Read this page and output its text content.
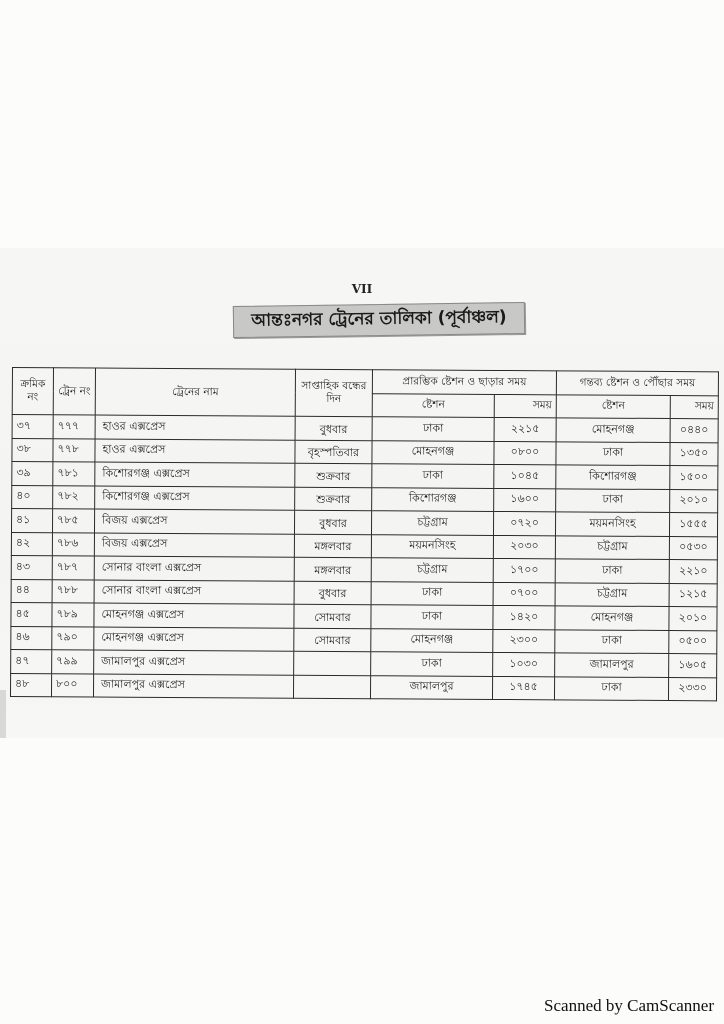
VII
আন্তঃনগর ট্রেনের তালিকা (পূর্বাঞ্চল)
ক্রমিক নং	ট্রেন নং	ট্রেনের নাম	সাপ্তাহিক বন্ধের দিন	প্রারম্ভিক ষ্টেশন ও ছাড়ার সময়		গন্তব্য ষ্টেশন ও পৌঁছার সময়	
				ষ্টেশন	সময়	ষ্টেশন	সময়
৩৭	৭৭৭	হাওর এক্সপ্রেস	বুধবার	ঢাকা	২২১৫	মোহনগঞ্জ	০৪৪০
৩৮	৭৭৮	হাওর এক্সপ্রেস	বৃহস্পতিবার	মোহনগঞ্জ	০৮০০	ঢাকা	১৩৫০
৩৯	৭৮১	কিশোরগঞ্জ এক্সপ্রেস	শুক্রবার	ঢাকা	১০৪৫	কিশোরগঞ্জ	১৫০০
৪০	৭৮২	কিশোরগঞ্জ এক্সপ্রেস	শুক্রবার	কিশোরগঞ্জ	১৬০০	ঢাকা	২০১০
৪১	৭৮৫	বিজয় এক্সপ্রেস	বুধবার	চট্টগ্রাম	০৭২০	ময়মনসিংহ	১৫৫৫
৪২	৭৮৬	বিজয় এক্সপ্রেস	মঙ্গলবার	ময়মনসিংহ	২০৩০	চট্টগ্রাম	০৫৩০
৪৩	৭৮৭	সোনার বাংলা এক্সপ্রেস	মঙ্গলবার	চট্টগ্রাম	১৭০০	ঢাকা	২২১০
৪৪	৭৮৮	সোনার বাংলা এক্সপ্রেস	বুধবার	ঢাকা	০৭০০	চট্টগ্রাম	১২১৫
৪৫	৭৮৯	মোহনগঞ্জ এক্সপ্রেস	সোমবার	ঢাকা	১৪২০	মোহনগঞ্জ	২০১০
৪৬	৭৯০	মোহনগঞ্জ এক্সপ্রেস	সোমবার	মোহনগঞ্জ	২৩০০	ঢাকা	০৫০০
৪৭	৭৯৯	জামালপুর এক্সপ্রেস		ঢাকা	১০৩০	জামালপুর	১৬০৫
৪৮	৮০০	জামালপুর এক্সপ্রেস		জামালপুর	১৭৪৫	ঢাকা	২৩৩০
Scanned by CamScanner
